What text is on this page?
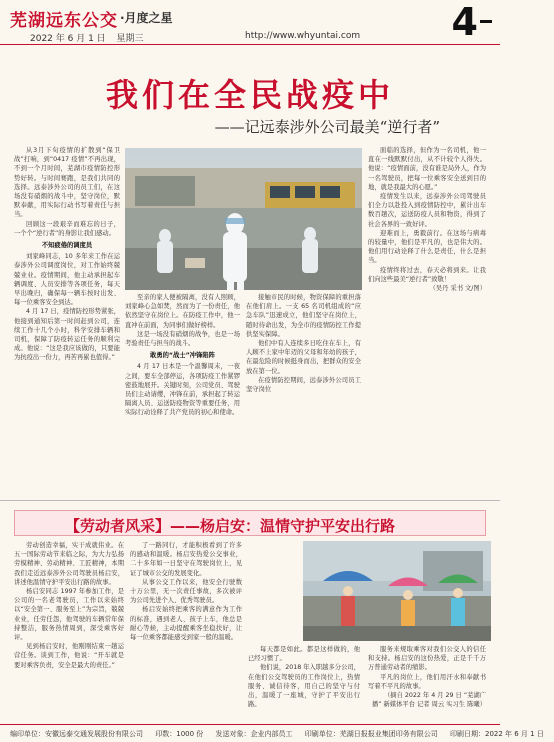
芜湖远东公交 ·月度之星
2022 年 6 月 1 日 星期三	http://www.whyuntai.com 4
我们在全民战疫中
——记远泰涉外公司最美“逆行者”

从3月下旬疫情的扩散到“保卫战”打响，到“0417 疫情”不再出现，不到一个月时间，芜湖市疫情防控形势好转。与时间赛跑，是我们共同的选择。远泰涉外公司的员工们，在这场没有硝烟的战斗中，坚守岗位，默默奉献，用实际行动书写着责任与担当。

回顾这一段艰辛而难忘的日子，一个个“逆行者”的身影让我们感动。

不知疲倦的调度员

刘家峰同志，10 多年来工作在运泰涉外公司调度岗位，对工作始终兢兢业业。疫情期间，他主动承担起车辆调度、人员安排等各项任务，每天早出晚归，确保每一辆车按时出发、每一位乘客安全到达。

4 月 17 日，疫情防控形势紧张，他接到通知后第一时间赶到公司，连续工作十几个小时，科学安排车辆和司机，保障了防疫转运任务的顺利完成。他说：“这是我应该做的，只要能为抗疫出一份力，再苦再累也值得。”

至亲的家人便被隔离，没有人照顾，刘家峰心急如焚，然而为了一份责任，他依然坚守在岗位上。在防疫工作中，他一直冲在前面，为同事们做好榜样。

这是一场没有硝烟的战争，也是一场考验责任与担当的战斗。

敢勇的“战士”冲锋陷阵

4 月 17 日本是一个温馨周末，一夜之间，要车全部停运，各项防疫工作紧锣密鼓地展开。关键时刻，公司党员、驾驶员们主动请缨，冲锋在前，承担起了转运隔离人员、运送防疫物资等重要任务，用实际行动诠释了共产党员的初心和使命。

接触市民的时候，物资保障的重担落在他们肩上。一支 65 名司机组成的“应急车队”迅速成立，他们坚守在岗位上，随时待命出发，为全市的疫情防控工作提供坚实保障。

他们中有人连续多日吃住在车上，有人顾不上家中年迈的父母和年幼的孩子，在最危险的时候挺身而出，把群众的安全放在第一位。

在疫情防控期间，远泰涉外公司员工坚守岗位

面临的选择，但作为一名司机，他一直在一线默默付出，从不计较个人得失。他说：“疫情面前，没有谁是局外人，作为一名驾驶员，把每一位乘客安全送到目的地，就是我最大的心愿。”

疫情发生以来，远泰涉外公司驾驶员们全力以赴投入到疫情防控中，累计出车数百趟次，运送防疫人员和物资，得到了社会各界的一致好评。

迎难而上，勇毅前行。在这场与病毒的较量中，他们是平凡的，也是伟大的。他们用行动诠释了什么是责任，什么是担当。

疫情终将过去，春天必将到来。让我们向这些最美“逆行者”致敬！

（吴丹 采书 文/图）

【劳动者风采】——杨启安：温情守护平安出行路

劳动创造幸福，实干成就伟业。在五一国际劳动节来临之际，为大力弘扬劳模精神、劳动精神、工匠精神，本期我们走近远泰涉外公司驾驶员杨启安，讲述他温情守护平安出行路的故事。

杨启安同志 1997 年参加工作，是公司的一名老驾驶员，工作以来始终以“安全第一、服务至上”为宗旨，兢兢业业，任劳任怨，他驾驶的车辆常年保持整洁，服务热情周到，深受乘客好评。

见到杨启安时，他刚刚结束一趟运营任务。谈到工作，他说：“开车就是要对乘客负责，安全是最大的责任。”

了一路同行，才能积极看到了许多的感动和温暖。杨启安热爱公交事业，二十多年如一日坚守在驾驶岗位上，见证了城市公交的发展变化。

从事公交工作以来，他安全行驶数十万公里，无一次责任事故，多次被评为公司先进个人、优秀驾驶员。

杨启安始终把乘客的满意作为工作的标准，遇到老人、孩子上车，他总是耐心等候，主动提醒乘客坐稳扶好，让每一位乘客都能感受到家一般的温暖。

每天都是如此。都是这样做的，他已经习惯了。

他们说，2018 年入职越多分公司，在他们公交驾驶员的工作岗位上，热情服务、诚信待客，用自己的坚守与付出，温暖了一座城，守护了平安出行路。

服务来规取乘客对我们公交人的信任和支持。杨启安的这份热爱，正是千千万万普通劳动者的缩影。

平凡的岗位上，他们用汗水和奉献书写着不平凡的故事。

（摘自 2022 年 4 月 29 日 “芜湖广播” 新媒体平台 记者 周云 实习生 陈曦）

编印单位：安徽远泰交通发展股份有限公司 印数：1000 份 发送对象：企业内部员工 印刷单位：芜湖日报报业集团印务有限公司 印刷日期：2022 年 6 月 1 日
